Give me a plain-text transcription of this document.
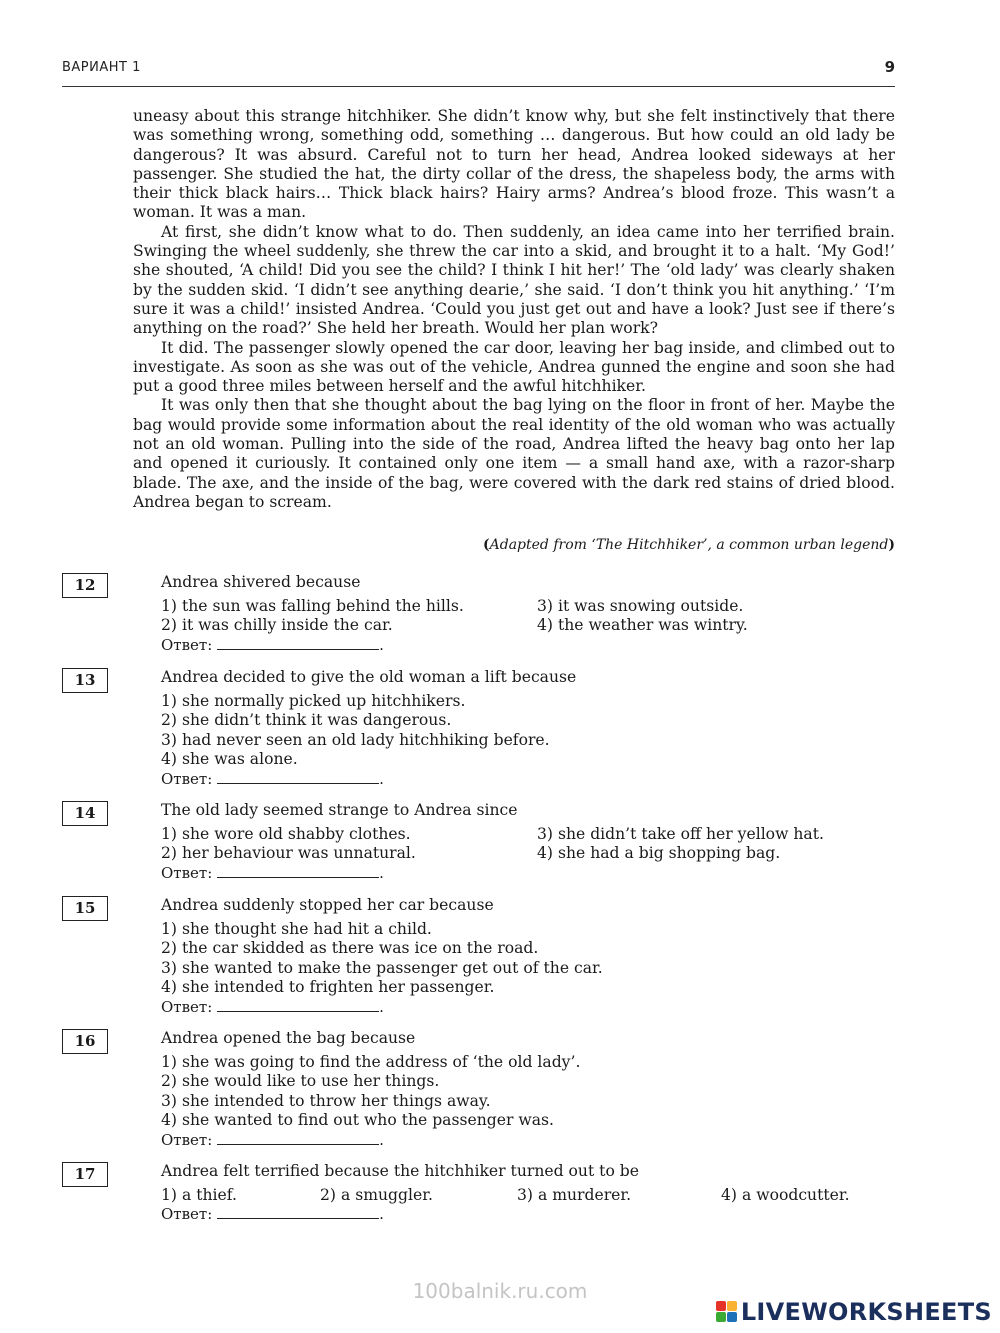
ВАРИАНТ 1	9

uneasy about this strange hitchhiker. She didn’t know why, but she felt instinctively that there was something wrong, something odd, something … dangerous. But how could an old lady be dangerous? It was absurd. Careful not to turn her head, Andrea looked sideways at her passenger. She studied the hat, the dirty collar of the dress, the shapeless body, the arms with their thick black hairs… Thick black hairs? Hairy arms? Andrea’s blood froze. This wasn’t a woman. It was a man.

At first, she didn’t know what to do. Then suddenly, an idea came into her terrified brain. Swinging the wheel suddenly, she threw the car into a skid, and brought it to a halt. ‘My God!’ she shouted, ‘A child! Did you see the child? I think I hit her!’ The ‘old lady’ was clearly shaken by the sudden skid. ‘I didn’t see anything dearie,’ she said. ‘I don’t think you hit anything.’ ‘I’m sure it was a child!’ insisted Andrea. ‘Could you just get out and have a look? Just see if there’s anything on the road?’ She held her breath. Would her plan work?

It did. The passenger slowly opened the car door, leaving her bag inside, and climbed out to investigate. As soon as she was out of the vehicle, Andrea gunned the engine and soon she had put a good three miles between herself and the awful hitchhiker.

It was only then that she thought about the bag lying on the floor in front of her. Maybe the bag would provide some information about the real identity of the old woman who was actually not an old woman. Pulling into the side of the road, Andrea lifted the heavy bag onto her lap and opened it curiously. It contained only one item — a small hand axe, with a razor-sharp blade. The axe, and the inside of the bag, were covered with the dark red stains of dried blood. Andrea began to scream.

(Adapted from ‘The Hitchhiker’, a common urban legend)
12	Andrea shivered because
1) the sun was falling behind the hills.	3) it was snowing outside.
2) it was chilly inside the car.	4) the weather was wintry.
Ответ:	.
13	Andrea decided to give the old woman a lift because
1) she normally picked up hitchhikers.
2) she didn’t think it was dangerous.
3) had never seen an old lady hitchhiking before.
4) she was alone.
Ответ:	.
14	The old lady seemed strange to Andrea since
1) she wore old shabby clothes.	3) she didn’t take off her yellow hat.
2) her behaviour was unnatural.	4) she had a big shopping bag.
Ответ:	.
15	Andrea suddenly stopped her car because
1) she thought she had hit a child.
2) the car skidded as there was ice on the road.
3) she wanted to make the passenger get out of the car.
4) she intended to frighten her passenger.
Ответ:	.
16	Andrea opened the bag because
1) she was going to find the address of ‘the old lady’.
2) she would like to use her things.
3) she intended to throw her things away.
4) she wanted to find out who the passenger was.
Ответ:	.
17	Andrea felt terrified because the hitchhiker turned out to be
1) a thief.	2) a smuggler.	3) a murderer.	4) a woodcutter.
Ответ:	.
100balnik.ru.com
LIVEWORKSHEETS
